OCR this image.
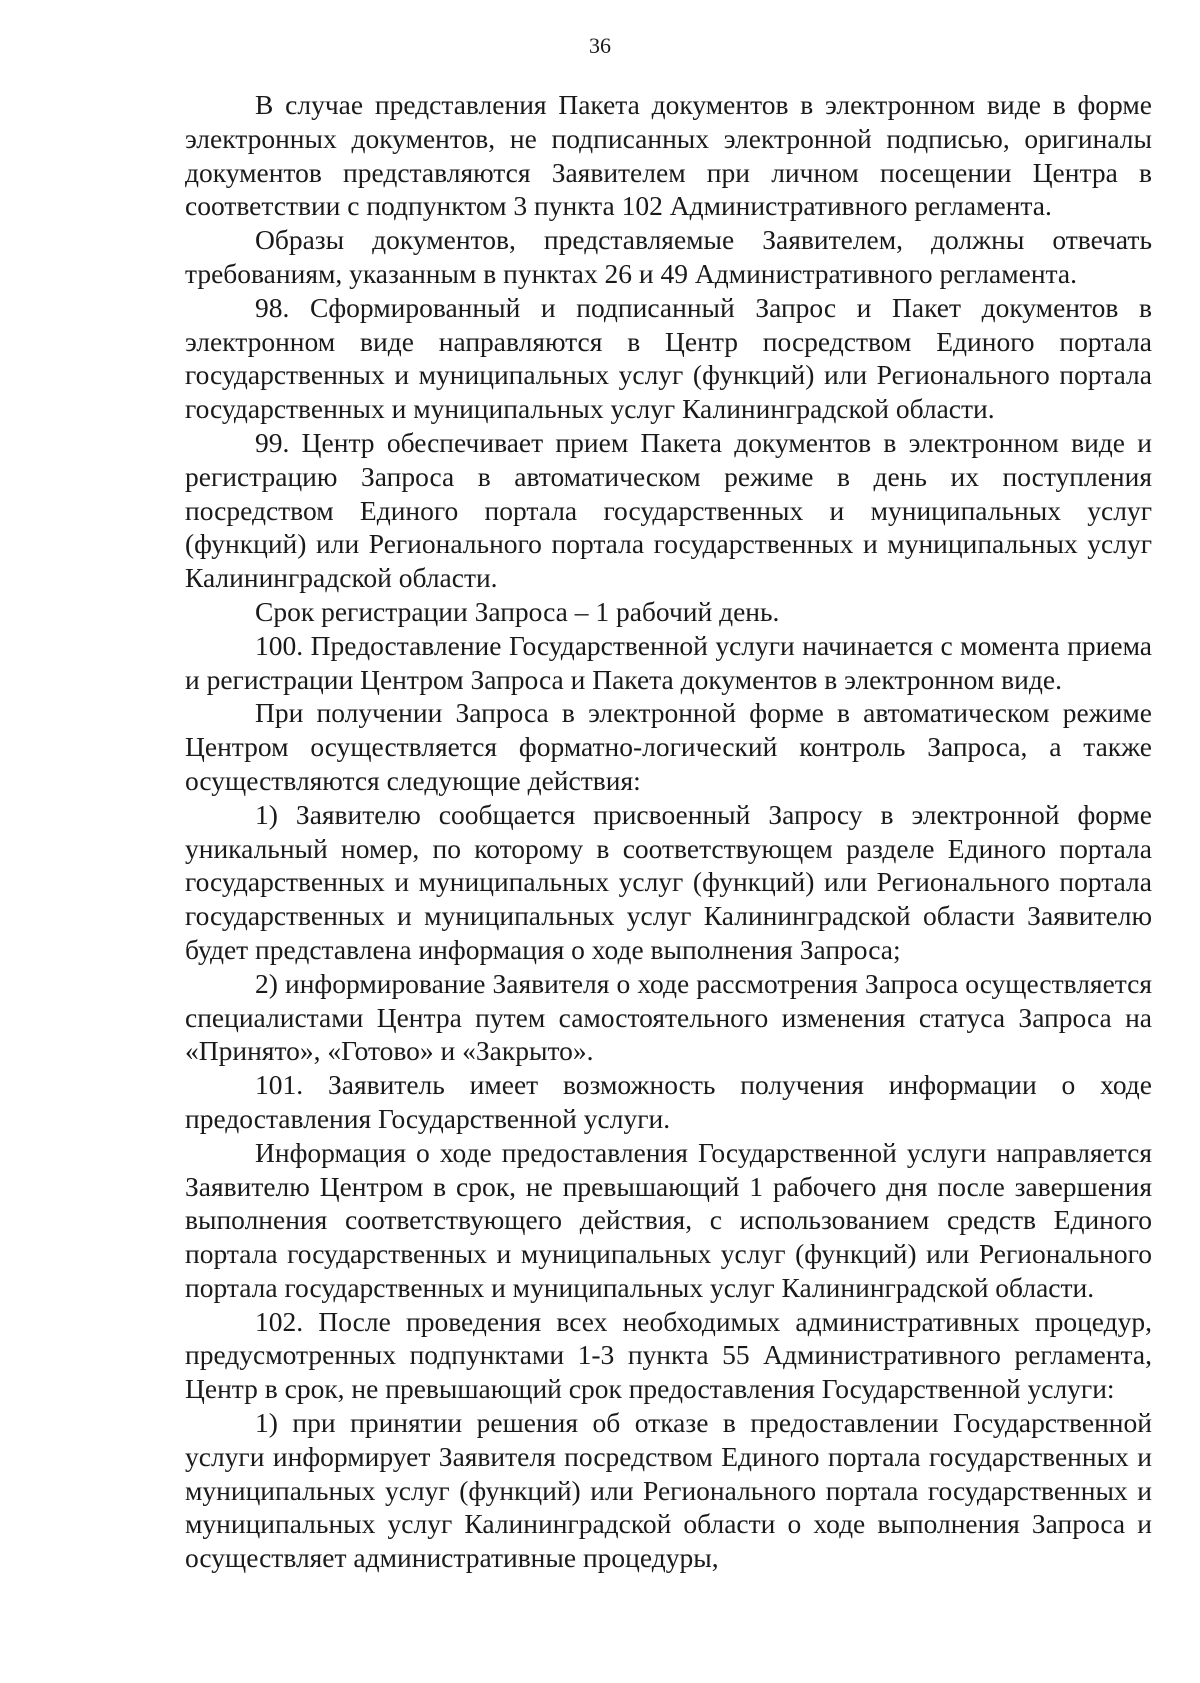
36

В случае представления Пакета документов в электронном виде в форме электронных документов, не подписанных электронной подписью, оригиналы документов представляются Заявителем при личном посещении Центра в соответствии с подпунктом 3 пункта 102 Административного регламента.

Образы документов, представляемые Заявителем, должны отвечать требованиям, указанным в пунктах 26 и 49 Административного регламента.

98. Сформированный и подписанный Запрос и Пакет документов в электронном виде направляются в Центр посредством Единого портала государственных и муниципальных услуг (функций) или Регионального портала государственных и муниципальных услуг Калининградской области.

99. Центр обеспечивает прием Пакета документов в электронном виде и регистрацию Запроса в автоматическом режиме в день их поступления посредством Единого портала государственных и муниципальных услуг (функций) или Регионального портала государственных и муниципальных услуг Калининградской области.

Срок регистрации Запроса – 1 рабочий день.

100. Предоставление Государственной услуги начинается с момента приема и регистрации Центром Запроса и Пакета документов в электронном виде.

При получении Запроса в электронной форме в автоматическом режиме Центром осуществляется форматно-логический контроль Запроса, а также осуществляются следующие действия:

1) Заявителю сообщается присвоенный Запросу в электронной форме уникальный номер, по которому в соответствующем разделе Единого портала государственных и муниципальных услуг (функций) или Регионального портала государственных и муниципальных услуг Калининградской области Заявителю будет представлена информация о ходе выполнения Запроса;

2) информирование Заявителя о ходе рассмотрения Запроса осуществляется специалистами Центра путем самостоятельного изменения статуса Запроса на «Принято», «Готово» и «Закрыто».

101. Заявитель имеет возможность получения информации о ходе предоставления Государственной услуги.

Информация о ходе предоставления Государственной услуги направляется Заявителю Центром в срок, не превышающий 1 рабочего дня после завершения выполнения соответствующего действия, с использованием средств Единого портала государственных и муниципальных услуг (функций) или Регионального портала государственных и муниципальных услуг Калининградской области.

102. После проведения всех необходимых административных процедур, предусмотренных подпунктами 1-3 пункта 55 Административного регламента, Центр в срок, не превышающий срок предоставления Государственной услуги:

1) при принятии решения об отказе в предоставлении Государственной услуги информирует Заявителя посредством Единого портала государственных и муниципальных услуг (функций) или Регионального портала государственных и муниципальных услуг Калининградской области о ходе выполнения Запроса и осуществляет административные процедуры,
